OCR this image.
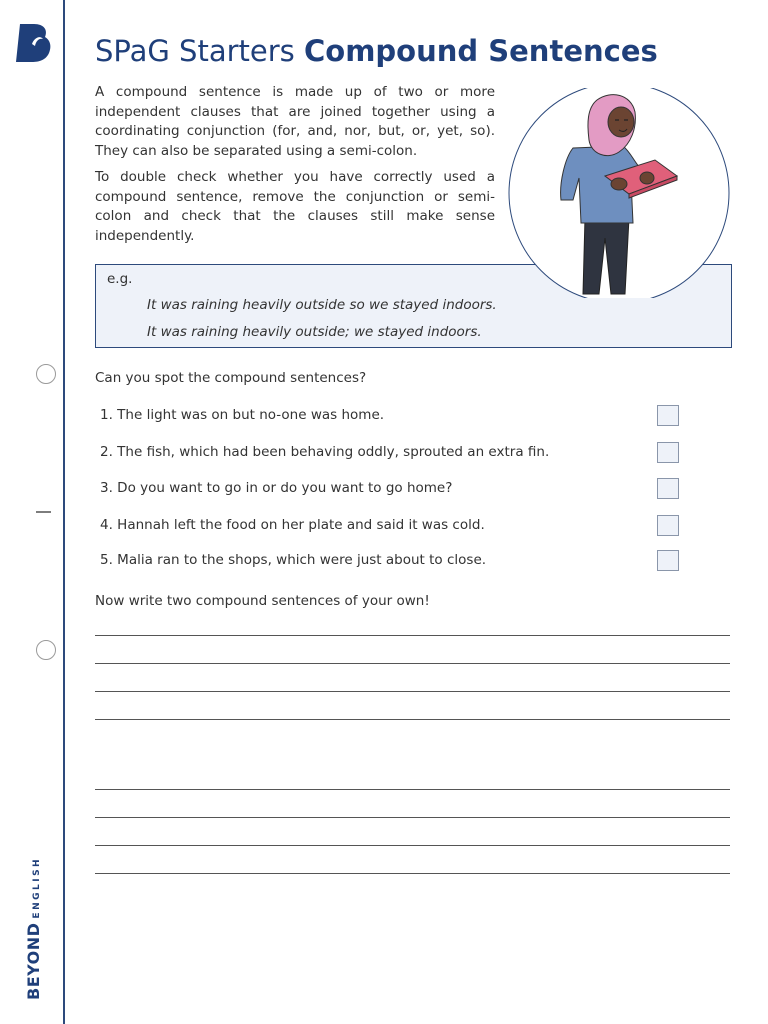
BEYONDENGLISH
SPaG Starters Compound Sentences

A compound sentence is made up of two or more independent clauses that are joined together using a coordinating conjunction (for, and, nor, but, or, yet, so). They can also be separated using a semi-colon.

To double check whether you have correctly used a compound sentence, remove the conjunction or semi-colon and check that the clauses still make sense independently.

e.g.
It was raining heavily outside so we stayed indoors.
It was raining heavily outside; we stayed indoors.
Can you spot the compound sentences?
1. The light was on but no-one was home.
2. The fish, which had been behaving oddly, sprouted an extra fin.
3. Do you want to go in or do you want to go home?
4. Hannah left the food on her plate and said it was cold.
5. Malia ran to the shops, which were just about to close.
Now write two compound sentences of your own!
